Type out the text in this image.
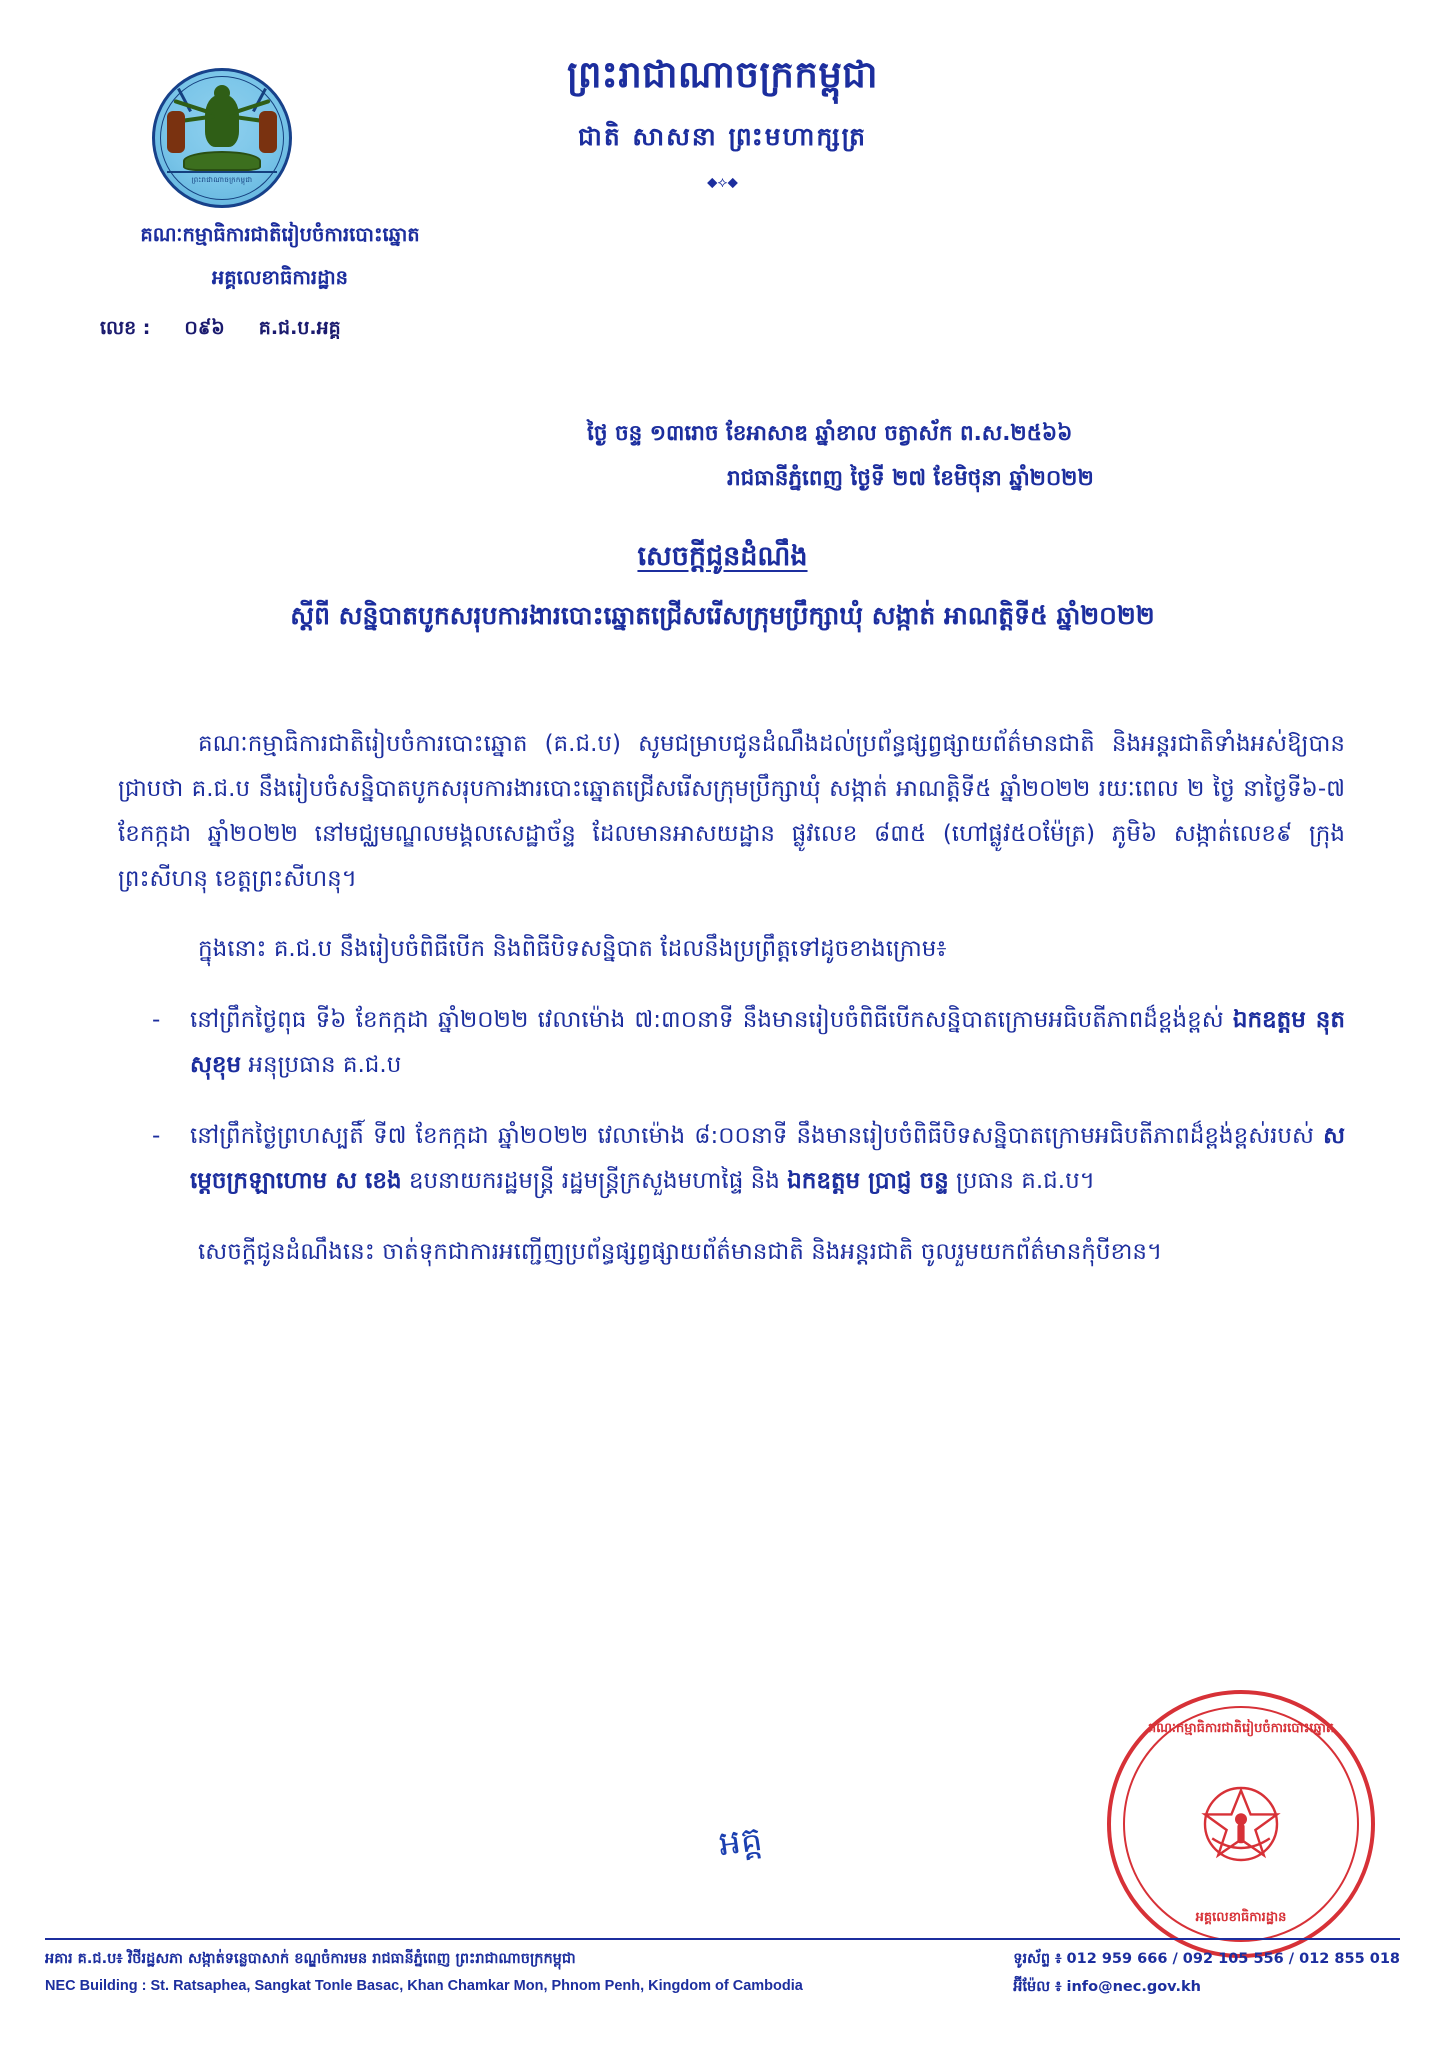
ព្រះរាជាណាចក្រកម្ពុជា
ព្រះរាជាណាចក្រកម្ពុជា
ជាតិ សាសនា ព្រះមហាក្សត្រ
⬥⟡⬥
គណៈកម្មាធិការជាតិរៀបចំការបោះឆ្នោត
អគ្គលេខាធិការដ្ឋាន
លេខ : ០៩៦ គ.ជ.ប.អគ្គ
ថ្ងៃ ចន្ទ ១៣រោច ខែអាសាឌ ឆ្នាំខាល ចត្វាស័ក ព.ស.២៥៦៦
រាជធានីភ្នំពេញ ថ្ងៃទី ២៧ ខែមិថុនា ឆ្នាំ២០២២
សេចក្តីជូនដំណឹង
ស្តីពី សន្និបាតបូកសរុបការងារបោះឆ្នោតជ្រើសរើសក្រុមប្រឹក្សាឃុំ សង្កាត់ អាណត្តិទី៥ ឆ្នាំ២០២២

គណៈកម្មាធិការជាតិរៀបចំការបោះឆ្នោត (គ.ជ.ប) សូមជម្រាបជូនដំណឹងដល់ប្រព័ន្ធផ្សព្វផ្សាយព័ត៌មានជាតិ និងអន្តរជាតិទាំងអស់ឱ្យបានជ្រាបថា គ.ជ.ប នឹងរៀបចំសន្និបាតបូកសរុបការងារបោះឆ្នោតជ្រើសរើសក្រុមប្រឹក្សាឃុំ សង្កាត់ អាណត្តិទី៥ ឆ្នាំ២០២២ រយៈពេល ២ ថ្ងៃ នាថ្ងៃទី៦-៧ ខែកក្កដា ឆ្នាំ២០២២ នៅមជ្ឈមណ្ឌលមង្គលសេដ្ឋាច័ន្ទ ដែលមានអាសយដ្ឋាន ផ្លូវលេខ ៨៣៥ (ហៅផ្លូវ៥០ម៉ែត្រ) ភូមិ៦ សង្កាត់លេខ៩ ក្រុងព្រះសីហនុ ខេត្តព្រះសីហនុ។

ក្នុងនោះ គ.ជ.ប នឹងរៀបចំពិធីបើក និងពិធីបិទសន្និបាត ដែលនឹងប្រព្រឹត្តទៅដូចខាងក្រោម៖

- នៅព្រឹកថ្ងៃពុធ ទី៦ ខែកក្កដា ឆ្នាំ២០២២ វេលាម៉ោង ៧:៣០នាទី នឹងមានរៀបចំពិធីបើកសន្និបាតក្រោមអធិបតីភាពដ៏ខ្ពង់ខ្ពស់ ឯកឧត្តម នុត សុខុម អនុប្រធាន គ.ជ.ប
- នៅព្រឹកថ្ងៃព្រហស្បតិ៍ ទី៧ ខែកក្កដា ឆ្នាំ២០២២ វេលាម៉ោង ៨:០០នាទី នឹងមានរៀបចំពិធីបិទសន្និបាតក្រោមអធិបតីភាពដ៏ខ្ពង់ខ្ពស់របស់ សម្តេចក្រឡាហោម ស ខេង ឧបនាយករដ្ឋមន្ត្រី រដ្ឋមន្ត្រីក្រសួងមហាផ្ទៃ និង ឯកឧត្តម ប្រាជ្ញ ចន្ទ ប្រធាន គ.ជ.ប។

សេចក្តីជូនដំណឹងនេះ ចាត់ទុកជាការអញ្ជើញប្រព័ន្ធផ្សព្វផ្សាយព័ត៌មានជាតិ និងអន្តរជាតិ ចូលរួមយកព័ត៌មានកុំបីខាន។

អគ្គ
គណៈកម្មាធិការជាតិរៀបចំការបោះឆ្នោត
អគ្គលេខាធិការដ្ឋាន
អគារ គ.ជ.ប៖ វិថីរដ្ឋសភា សង្កាត់ទន្លេបាសាក់ ខណ្ឌចំការមន រាជធានីភ្នំពេញ ព្រះរាជាណាចក្រកម្ពុជា
NEC Building : St. Ratsaphea, Sangkat Tonle Basac, Khan Chamkar Mon, Phnom Penh, Kingdom of Cambodia
ទូរស័ព្ទ ៖ 012 959 666 / 092 105 556 / 012 855 018
អ៊ីម៉ែល ៖ info@nec.gov.kh
